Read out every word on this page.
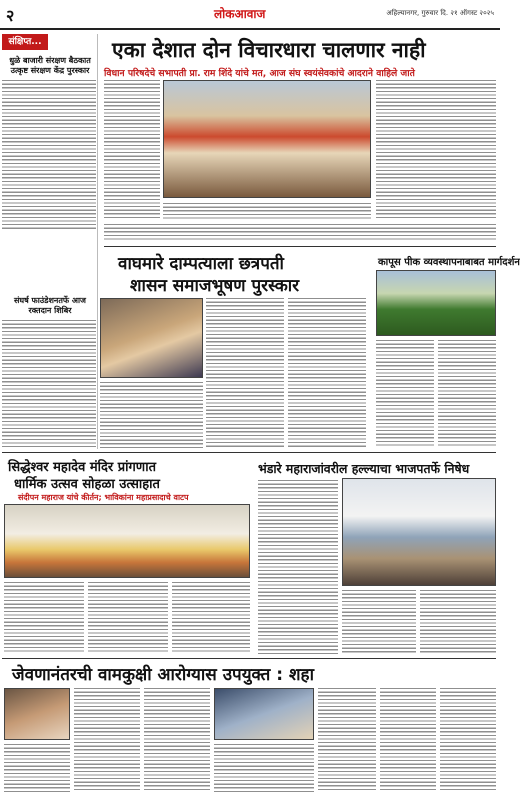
२	लोकआवाज	अहिल्यानगर, गुरुवार दि. २१ ऑगस्ट २०२५
संक्षिप्त...
धुळे बाजारी संरक्षण बैठकात उत्कृष्ट संरक्षण केंद्र पुरस्कार
संघर्ष फाउंडेशनतर्फे आज रक्तदान शिबिर
एका देशात दोन विचारधारा चालणार नाही
विधान परिषदेचे सभापती प्रा. राम शिंदे यांचे मत, आज संघ स्वयंसेवकांचे आदराने वाहिले जाते
वाघमारे दाम्पत्याला छत्रपती
शासन समाजभूषण पुरस्कार
कापूस पीक व्यवस्थापनाबाबत मार्गदर्शन
सिद्धेश्वर महादेव मंदिर प्रांगणात
धार्मिक उत्सव सोहळा उत्साहात
संदीपन महाराज यांचे कीर्तन; भाविकांना महाप्रसादाचे वाटप
भंडारे महाराजांवरील हल्ल्याचा भाजपतर्फे निषेध
जेवणानंतरची वामकुक्षी आरोग्यास उपयुक्त : शहा
